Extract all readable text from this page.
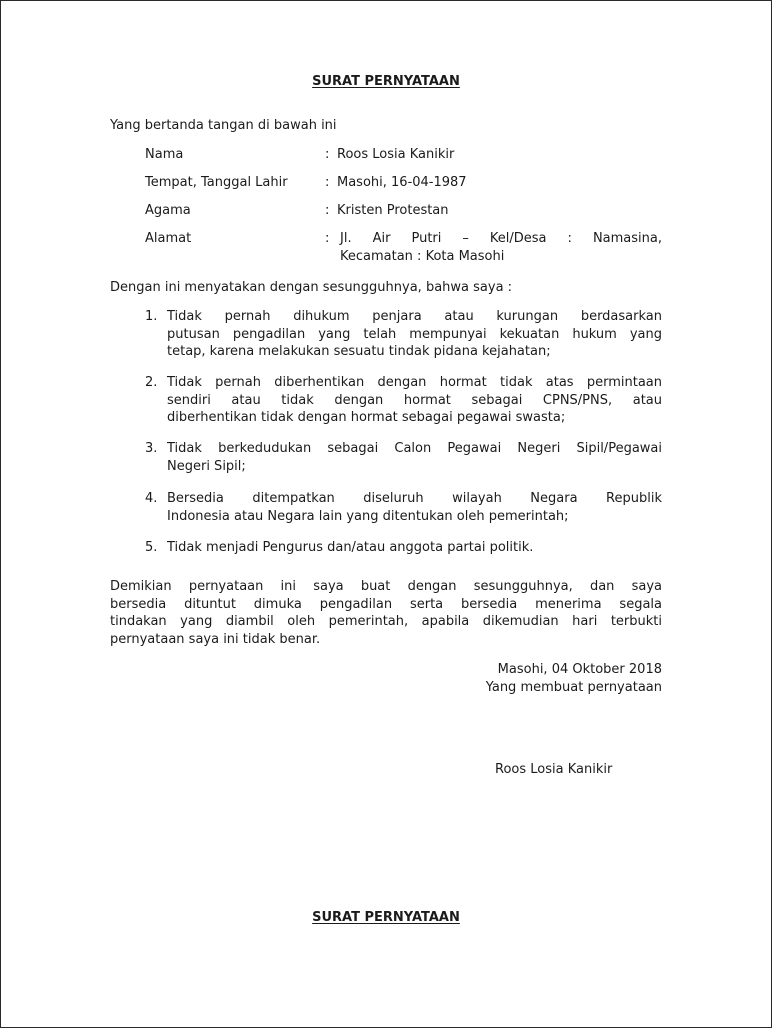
SURAT PERNYATAAN
Yang bertanda tangan di bawah ini
Nama	: Roos Losia Kanikir
Tempat, Tanggal Lahir	: Masohi, 16-04-1987
Agama	: Kristen Protestan
Alamat	: Jl. Air Putri – Kel/Desa : Namasina,
Kecamatan : Kota Masohi
Dengan ini menyatakan dengan sesungguhnya, bahwa saya :
1. Tidak pernah dihukum penjara atau kurungan berdasarkan
putusan pengadilan yang telah mempunyai kekuatan hukum yang
tetap, karena melakukan sesuatu tindak pidana kejahatan;
2. Tidak pernah diberhentikan dengan hormat tidak atas permintaan
sendiri atau tidak dengan hormat sebagai CPNS/PNS, atau
diberhentikan tidak dengan hormat sebagai pegawai swasta;
3. Tidak berkedudukan sebagai Calon Pegawai Negeri Sipil/Pegawai
Negeri Sipil;
4. Bersedia ditempatkan diseluruh wilayah Negara Republik
Indonesia atau Negara lain yang ditentukan oleh pemerintah;
5. Tidak menjadi Pengurus dan/atau anggota partai politik.
Demikian pernyataan ini saya buat dengan sesungguhnya, dan saya
bersedia dituntut dimuka pengadilan serta bersedia menerima segala
tindakan yang diambil oleh pemerintah, apabila dikemudian hari terbukti
pernyataan saya ini tidak benar.
Masohi, 04 Oktober 2018
Yang membuat pernyataan
Roos Losia Kanikir
SURAT PERNYATAAN
